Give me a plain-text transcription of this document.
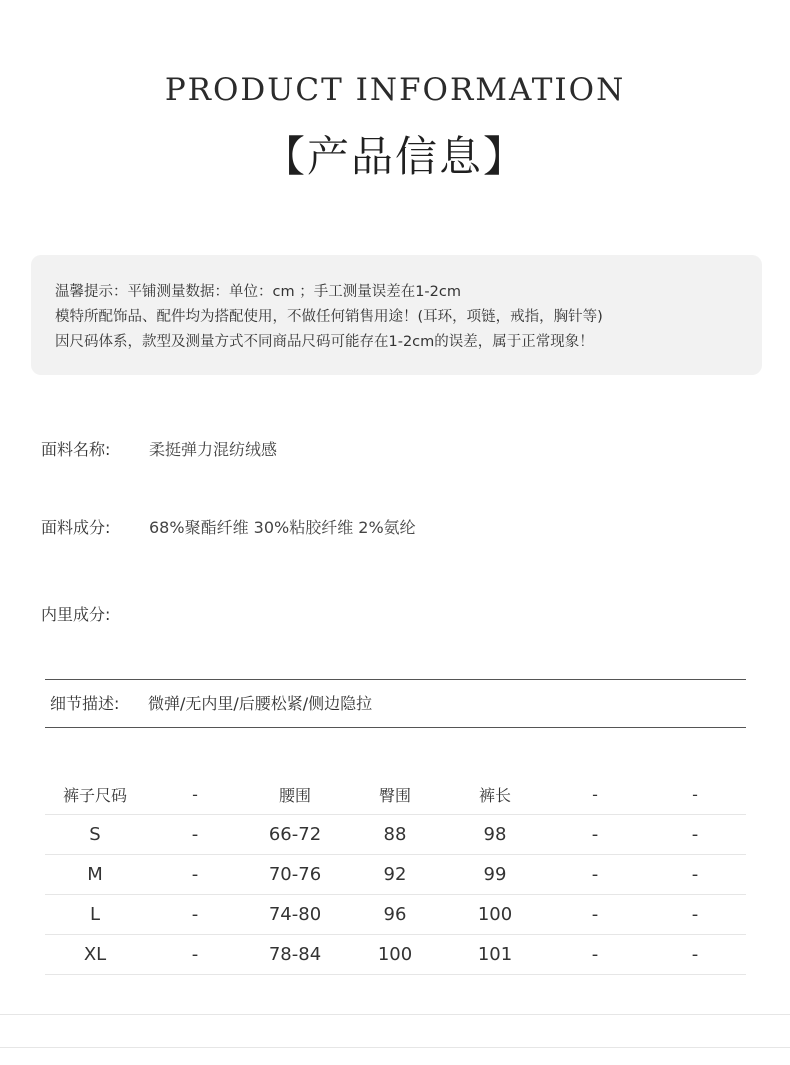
PRODUCT INFORMATION
【产品信息】
温馨提示：平铺测量数据：单位：cm ；手工测量误差在1-2cm
模特所配饰品、配件均为搭配使用，不做任何销售用途！(耳环，项链，戒指，胸针等)
因尺码体系，款型及测量方式不同商品尺码可能存在1-2cm的误差，属于正常现象！
面料名称: 柔挺弹力混纺绒感
面料成分: 68%聚酯纤维 30%粘胶纤维 2%氨纶
内里成分:
细节描述: 微弹/无内里/后腰松紧/侧边隐拉
裤子尺码	-	腰围	臀围	裤长	-	-
S	-	66-72	88	98	-	-
M	-	70-76	92	99	-	-
L	-	74-80	96	100	-	-
XL	-	78-84	100	101	-	-
